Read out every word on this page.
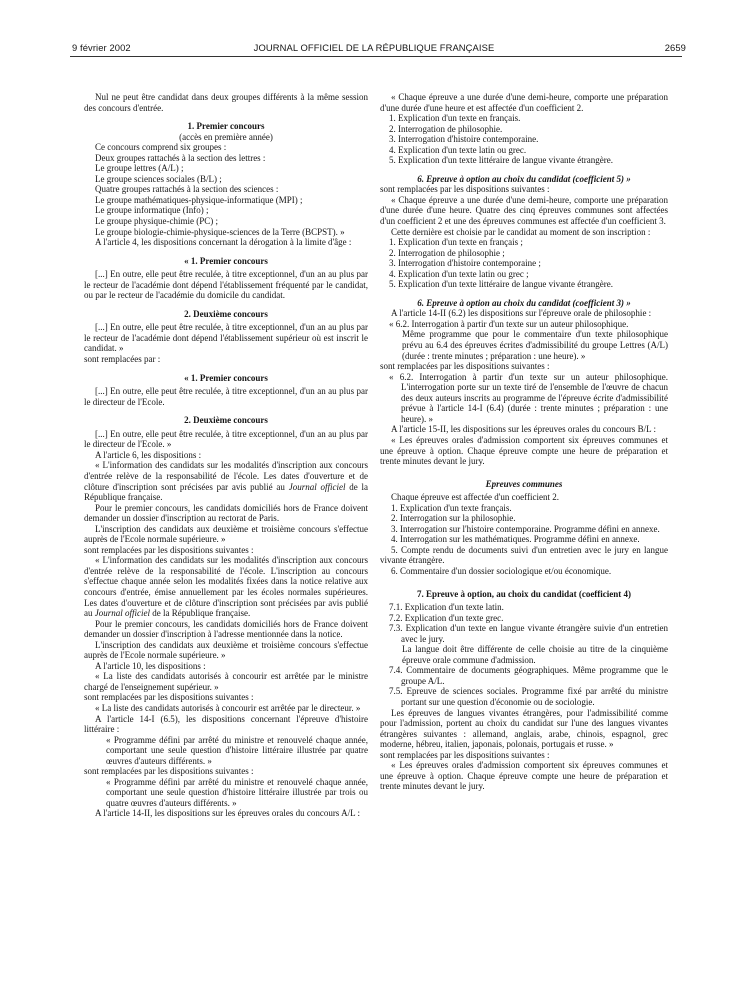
9 février 2002	JOURNAL OFFICIEL DE LA RÉPUBLIQUE FRANÇAISE	2659

Nul ne peut être candidat dans deux groupes différents à la même session des concours d'entrée.

1. Premier concours

(accès en première année)

Ce concours comprend six groupes :

Deux groupes rattachés à la section des lettres :

Le groupe lettres (A/L) ;

Le groupe sciences sociales (B/L) ;

Quatre groupes rattachés à la section des sciences :

Le groupe mathématiques-physique-informatique (MPI) ;

Le groupe informatique (Info) ;

Le groupe physique-chimie (PC) ;

Le groupe biologie-chimie-physique-sciences de la Terre (BCPST). »

A l'article 4, les dispositions concernant la dérogation à la limite d'âge :

« 1. Premier concours

[...] En outre, elle peut être reculée, à titre exceptionnel, d'un an au plus par le recteur de l'académie dont dépend l'établissement fréquenté par le candidat, ou par le recteur de l'académie du domicile du candidat.

2. Deuxième concours

[...] En outre, elle peut être reculée, à titre exceptionnel, d'un an au plus par le recteur de l'académie dont dépend l'établissement supérieur où est inscrit le candidat. »

sont remplacées par :

« 1. Premier concours

[...] En outre, elle peut être reculée, à titre exceptionnel, d'un an au plus par le directeur de l'Ecole.

2. Deuxième concours

[...] En outre, elle peut être reculée, à titre exceptionnel, d'un an au plus par le directeur de l'Ecole. »

A l'article 6, les dispositions :

« L'information des candidats sur les modalités d'inscription aux concours d'entrée relève de la responsabilité de l'école. Les dates d'ouverture et de clôture d'inscription sont précisées par avis publié au Journal officiel de la République française.

Pour le premier concours, les candidats domiciliés hors de France doivent demander un dossier d'inscription au rectorat de Paris.

L'inscription des candidats aux deuxième et troisième concours s'effectue auprès de l'Ecole normale supérieure. »

sont remplacées par les dispositions suivantes :

« L'information des candidats sur les modalités d'inscription aux concours d'entrée relève de la responsabilité de l'école. L'inscription au concours s'effectue chaque année selon les modalités fixées dans la notice relative aux concours d'entrée, émise annuellement par les écoles normales supérieures. Les dates d'ouverture et de clôture d'inscription sont précisées par avis publié au Journal officiel de la République française.

Pour le premier concours, les candidats domiciliés hors de France doivent demander un dossier d'inscription à l'adresse mentionnée dans la notice.

L'inscription des candidats aux deuxième et troisième concours s'effectue auprès de l'Ecole normale supérieure. »

A l'article 10, les dispositions :

« La liste des candidats autorisés à concourir est arrêtée par le ministre chargé de l'enseignement supérieur. »

sont remplacées par les dispositions suivantes :

« La liste des candidats autorisés à concourir est arrêtée par le directeur. »

A l'article 14-I (6.5), les dispositions concernant l'épreuve d'histoire littéraire :

« Programme défini par arrêté du ministre et renouvelé chaque année, comportant une seule question d'histoire littéraire illustrée par quatre œuvres d'auteurs différents. »

sont remplacées par les dispositions suivantes :

« Programme défini par arrêté du ministre et renouvelé chaque année, comportant une seule question d'histoire littéraire illustrée par trois ou quatre œuvres d'auteurs différents. »

A l'article 14-II, les dispositions sur les épreuves orales du concours A/L :

« Chaque épreuve a une durée d'une demi-heure, comporte une préparation d'une durée d'une heure et est affectée d'un coefficient 2.

1. Explication d'un texte en français.

2. Interrogation de philosophie.

3. Interrogation d'histoire contemporaine.

4. Explication d'un texte latin ou grec.

5. Explication d'un texte littéraire de langue vivante étrangère.

6. Epreuve à option au choix du candidat (coefficient 5) »

sont remplacées par les dispositions suivantes :

« Chaque épreuve a une durée d'une demi-heure, comporte une préparation d'une durée d'une heure. Quatre des cinq épreuves communes sont affectées d'un coefficient 2 et une des épreuves communes est affectée d'un coefficient 3.

Cette dernière est choisie par le candidat au moment de son inscription :

1. Explication d'un texte en français ;

2. Interrogation de philosophie ;

3. Interrogation d'histoire contemporaine ;

4. Explication d'un texte latin ou grec ;

5. Explication d'un texte littéraire de langue vivante étrangère.

6. Epreuve à option au choix du candidat (coefficient 3) »

A l'article 14-II (6.2) les dispositions sur l'épreuve orale de philosophie :

« 6.2. Interrogation à partir d'un texte sur un auteur philosophique.

Même programme que pour le commentaire d'un texte philosophique prévu au 6.4 des épreuves écrites d'admissibilité du groupe Lettres (A/L) (durée : trente minutes ; préparation : une heure). »

sont remplacées par les dispositions suivantes :

« 6.2. Interrogation à partir d'un texte sur un auteur philosophique. L'interrogation porte sur un texte tiré de l'ensemble de l'œuvre de chacun des deux auteurs inscrits au programme de l'épreuve écrite d'admissibilité prévue à l'article 14-I (6.4) (durée : trente minutes ; préparation : une heure). »

A l'article 15-II, les dispositions sur les épreuves orales du concours B/L :

« Les épreuves orales d'admission comportent six épreuves communes et une épreuve à option. Chaque épreuve compte une heure de préparation et trente minutes devant le jury.

Epreuves communes

Chaque épreuve est affectée d'un coefficient 2.

1. Explication d'un texte français.

2. Interrogation sur la philosophie.

3. Interrogation sur l'histoire contemporaine. Programme défini en annexe.

4. Interrogation sur les mathématiques. Programme défini en annexe.

5. Compte rendu de documents suivi d'un entretien avec le jury en langue vivante étrangère.

6. Commentaire d'un dossier sociologique et/ou économique.

7. Epreuve à option, au choix du candidat (coefficient 4)

7.1. Explication d'un texte latin.

7.2. Explication d'un texte grec.

7.3. Explication d'un texte en langue vivante étrangère suivie d'un entretien avec le jury.

La langue doit être différente de celle choisie au titre de la cinquième épreuve orale commune d'admission.

7.4. Commentaire de documents géographiques. Même programme que le groupe A/L.

7.5. Epreuve de sciences sociales. Programme fixé par arrêté du ministre portant sur une question d'économie ou de sociologie.

Les épreuves de langues vivantes étrangères, pour l'admissibilité comme pour l'admission, portent au choix du candidat sur l'une des langues vivantes étrangères suivantes : allemand, anglais, arabe, chinois, espagnol, grec moderne, hébreu, italien, japonais, polonais, portugais et russe. »

sont remplacées par les dispositions suivantes :

« Les épreuves orales d'admission comportent six épreuves communes et une épreuve à option. Chaque épreuve compte une heure de préparation et trente minutes devant le jury.
